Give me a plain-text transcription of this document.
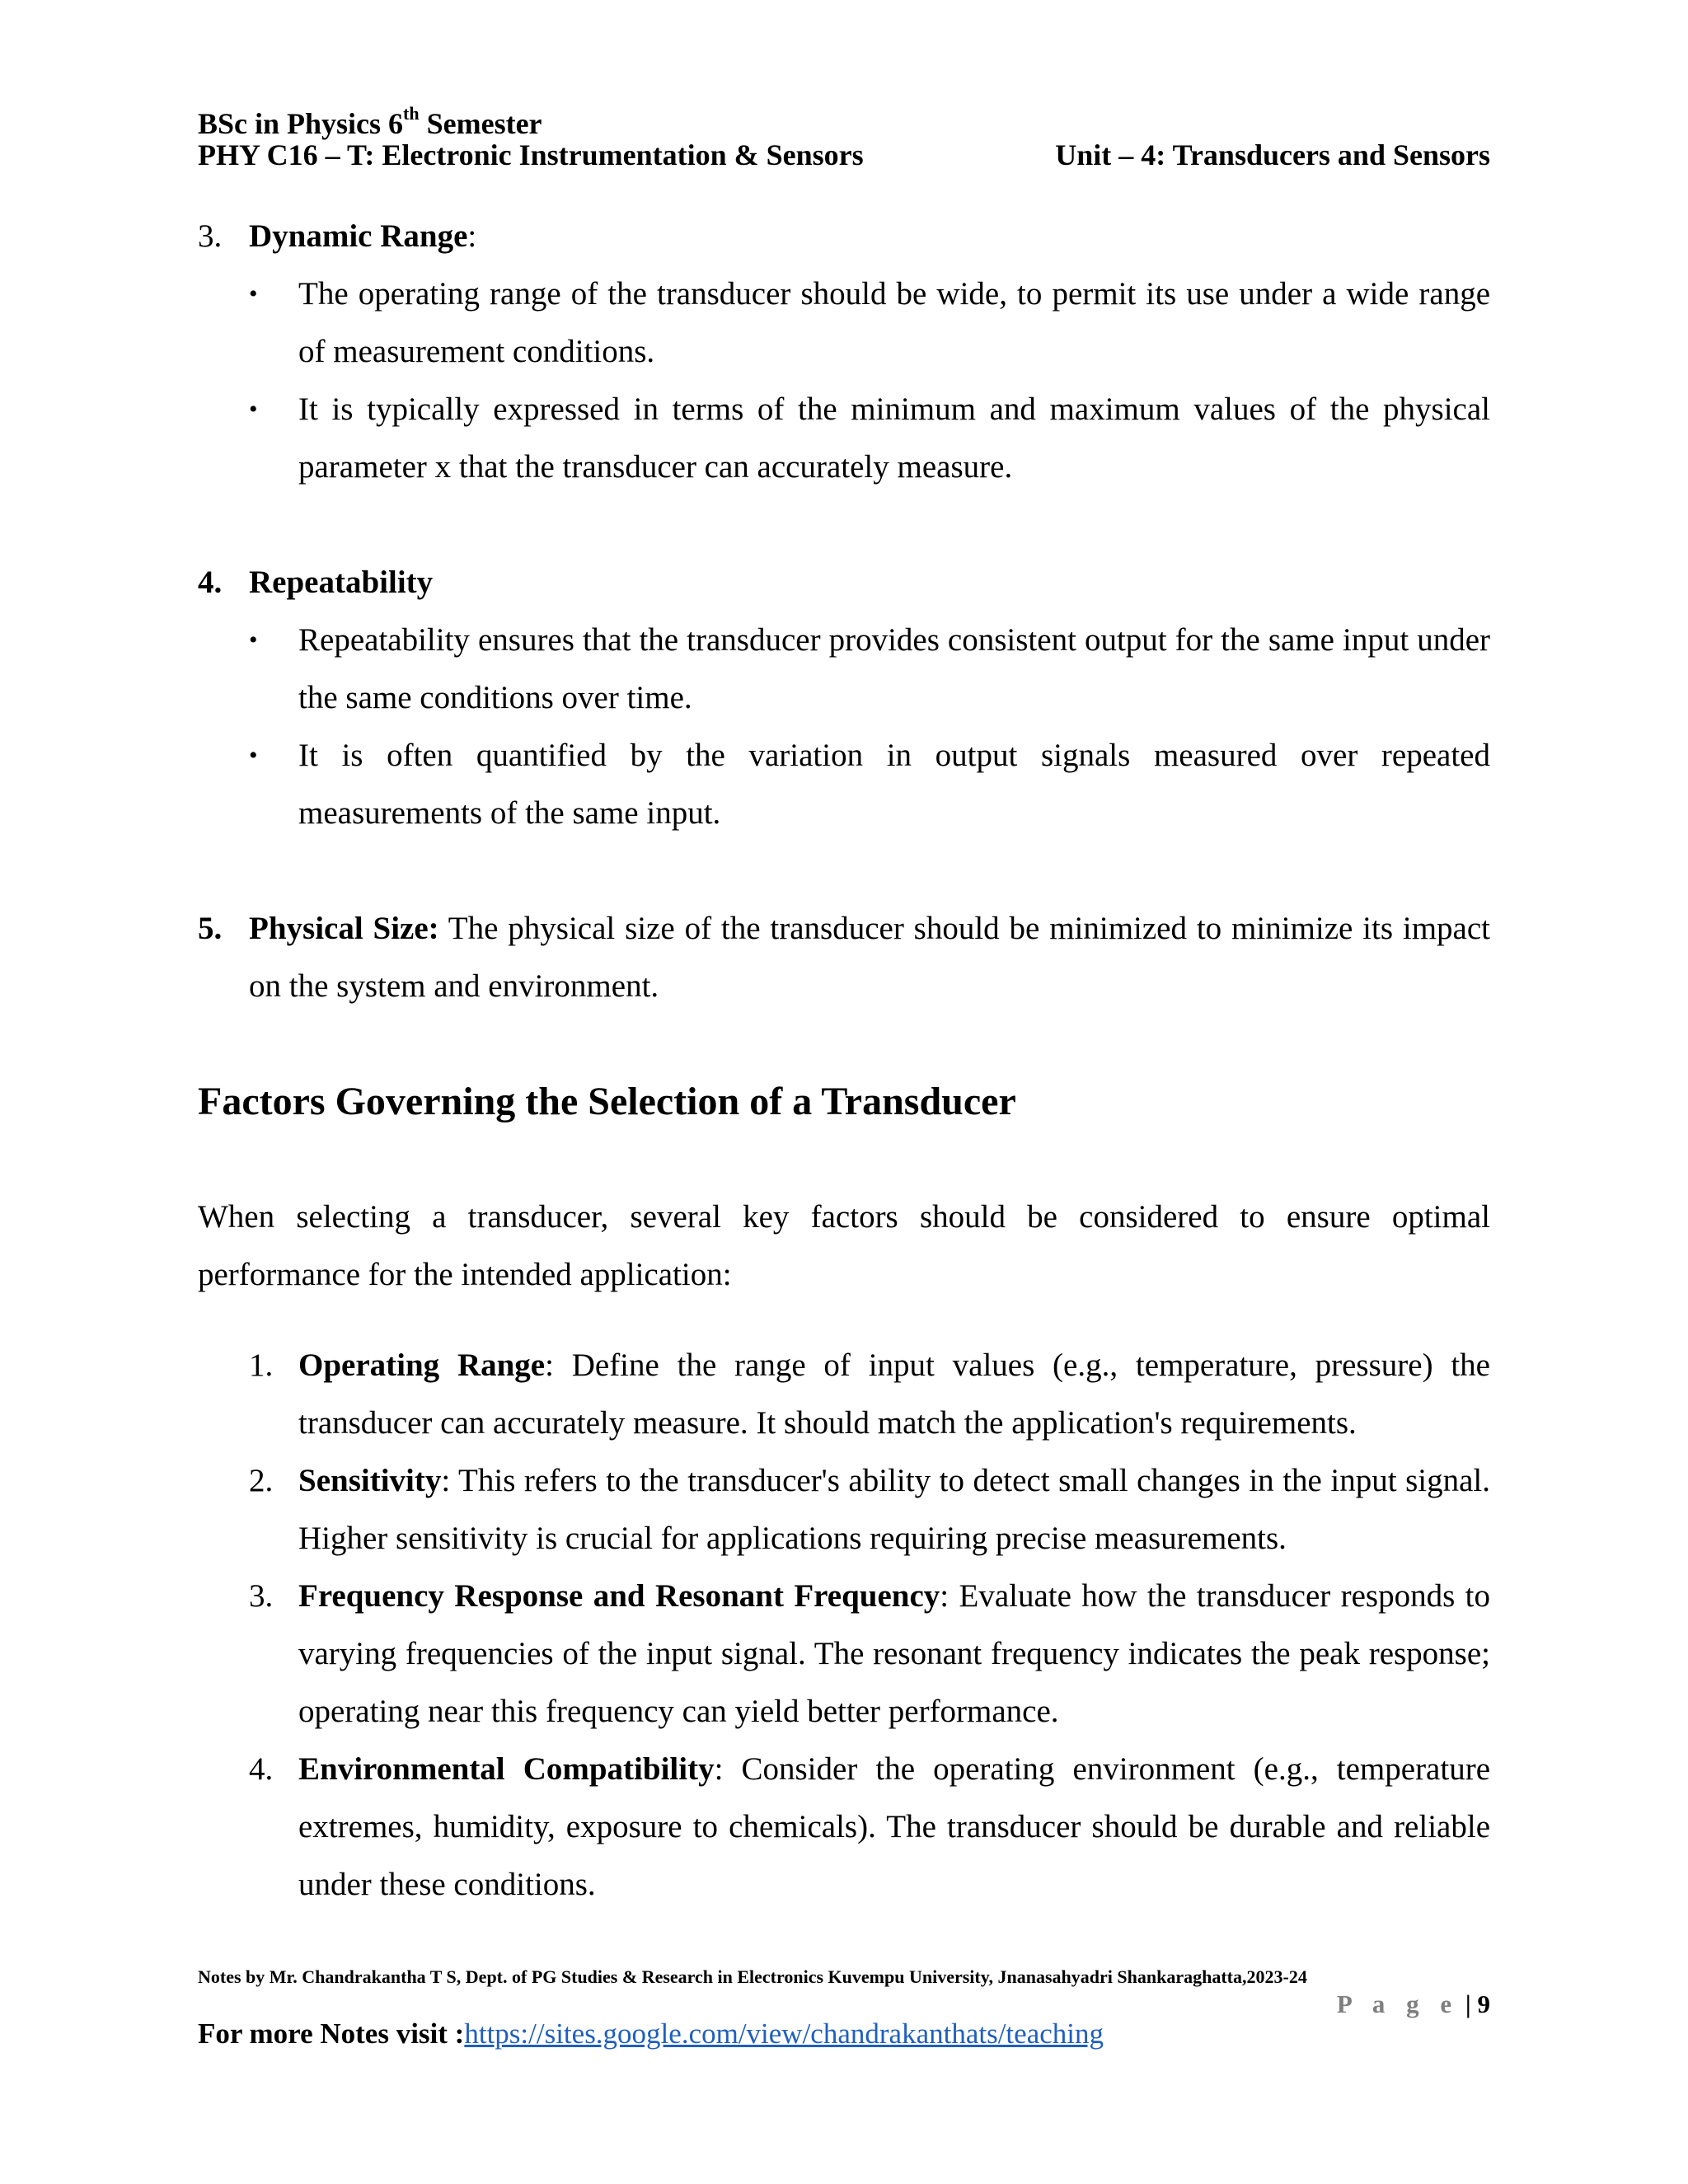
BSc in Physics 6th Semester
PHY C16 – T: Electronic Instrumentation & Sensors	Unit – 4: Transducers and Sensors
3. Dynamic Range:
•	The operating range of the transducer should be wide, to permit its use under a wide range of measurement conditions.
•	It is typically expressed in terms of the minimum and maximum values of the physical parameter x that the transducer can accurately measure.
4. Repeatability
•	Repeatability ensures that the transducer provides consistent output for the same input under the same conditions over time.
•	It is often quantified by the variation in output signals measured over repeated measurements of the same input.
5. Physical Size: The physical size of the transducer should be minimized to minimize its impact on the system and environment.
Factors Governing the Selection of a Transducer

When selecting a transducer, several key factors should be considered to ensure optimal performance for the intended application:

1. Operating Range: Define the range of input values (e.g., temperature, pressure) the transducer can accurately measure. It should match the application's requirements.
2. Sensitivity: This refers to the transducer's ability to detect small changes in the input signal. Higher sensitivity is crucial for applications requiring precise measurements.
3. Frequency Response and Resonant Frequency: Evaluate how the transducer responds to varying frequencies of the input signal. The resonant frequency indicates the peak response; operating near this frequency can yield better performance.
4. Environmental Compatibility: Consider the operating environment (e.g., temperature extremes, humidity, exposure to chemicals). The transducer should be durable and reliable under these conditions.
Notes by Mr. Chandrakantha T S, Dept. of PG Studies & Research in Electronics Kuvempu University, Jnanasahyadri Shankaraghatta,2023-24
P a g e | 9
For more Notes visit :https://sites.google.com/view/chandrakanthats/teaching
